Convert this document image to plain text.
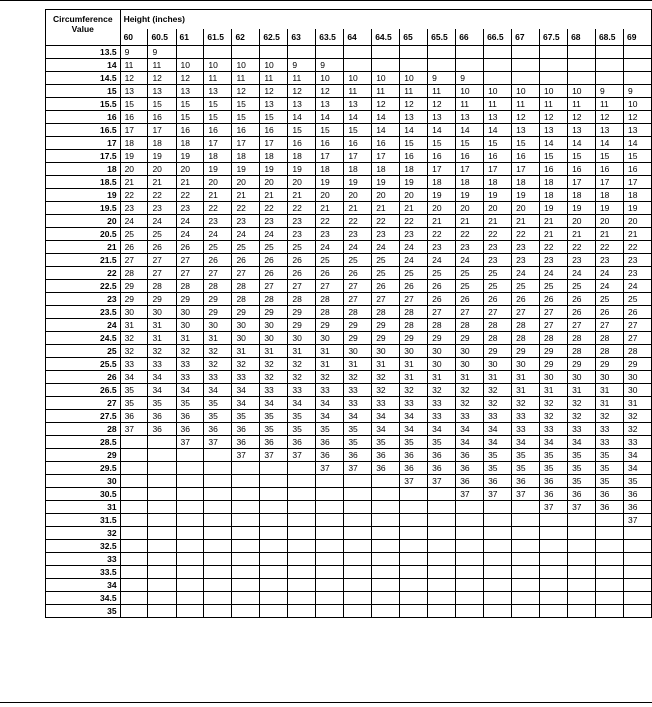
Circumference Value	Height (inches)																		
	60	60.5	61	61.5	62	62.5	63	63.5	64	64.5	65	65.5	66	66.5	67	67.5	68	68.5	69
13.5	9	9																	
14	11	11	10	10	10	10	9	9											
14.5	12	12	12	11	11	11	11	10	10	10	10	9	9						
15	13	13	13	13	12	12	12	12	11	11	11	11	10	10	10	10	10	9	9
15.5	15	15	15	15	15	13	13	13	13	12	12	12	11	11	11	11	11	11	10
16	16	16	15	15	15	15	14	14	14	14	13	13	13	13	12	12	12	12	12
16.5	17	17	16	16	16	16	15	15	15	14	14	14	14	14	13	13	13	13	13
17	18	18	18	17	17	17	16	16	16	16	15	15	15	15	15	14	14	14	14
17.5	19	19	19	18	18	18	18	17	17	17	16	16	16	16	16	15	15	15	15
18	20	20	20	19	19	19	19	18	18	18	18	17	17	17	17	16	16	16	16
18.5	21	21	21	20	20	20	20	19	19	19	19	18	18	18	18	18	17	17	17
19	22	22	22	21	21	21	21	20	20	20	20	19	19	19	19	18	18	18	18
19.5	23	23	23	22	22	22	22	21	21	21	21	20	20	20	20	19	19	19	19
20	24	24	24	23	23	23	23	22	22	22	22	21	21	21	21	21	20	20	20
20.5	25	25	24	24	24	24	23	23	23	23	23	22	22	22	22	21	21	21	21
21	26	26	26	25	25	25	25	24	24	24	24	23	23	23	23	22	22	22	22
21.5	27	27	27	26	26	26	26	25	25	25	24	24	24	23	23	23	23	23	23
22	28	27	27	27	27	26	26	26	26	25	25	25	25	25	24	24	24	24	23
22.5	29	28	28	28	28	27	27	27	27	26	26	26	25	25	25	25	25	24	24
23	29	29	29	29	28	28	28	28	27	27	27	26	26	26	26	26	26	25	25
23.5	30	30	30	29	29	29	29	28	28	28	28	27	27	27	27	27	26	26	26
24	31	31	30	30	30	30	29	29	29	29	28	28	28	28	28	27	27	27	27
24.5	32	31	31	31	30	30	30	30	29	29	29	29	29	28	28	28	28	28	27
25	32	32	32	32	31	31	31	31	30	30	30	30	30	29	29	29	28	28	28
25.5	33	33	33	32	32	32	32	31	31	31	31	30	30	30	30	29	29	29	29
26	34	34	33	33	33	32	32	32	32	32	31	31	31	31	31	30	30	30	30
26.5	35	34	34	34	34	33	33	33	33	32	32	32	32	32	31	31	31	31	30
27	35	35	35	35	34	34	34	34	33	33	33	33	32	32	32	32	32	31	31
27.5	36	36	36	35	35	35	35	34	34	34	34	33	33	33	33	32	32	32	32
28	37	36	36	36	36	35	35	35	35	34	34	34	34	34	33	33	33	33	32
28.5			37	37	36	36	36	36	35	35	35	35	34	34	34	34	34	33	33
29					37	37	37	36	36	36	36	36	36	35	35	35	35	35	34
29.5								37	37	36	36	36	36	35	35	35	35	35	34
30											37	37	36	36	36	36	35	35	35
30.5													37	37	37	36	36	36	36
31																37	37	36	36
31.5																			37
32																			
32.5																			
33																			
33.5																			
34																			
34.5																			
35																			
